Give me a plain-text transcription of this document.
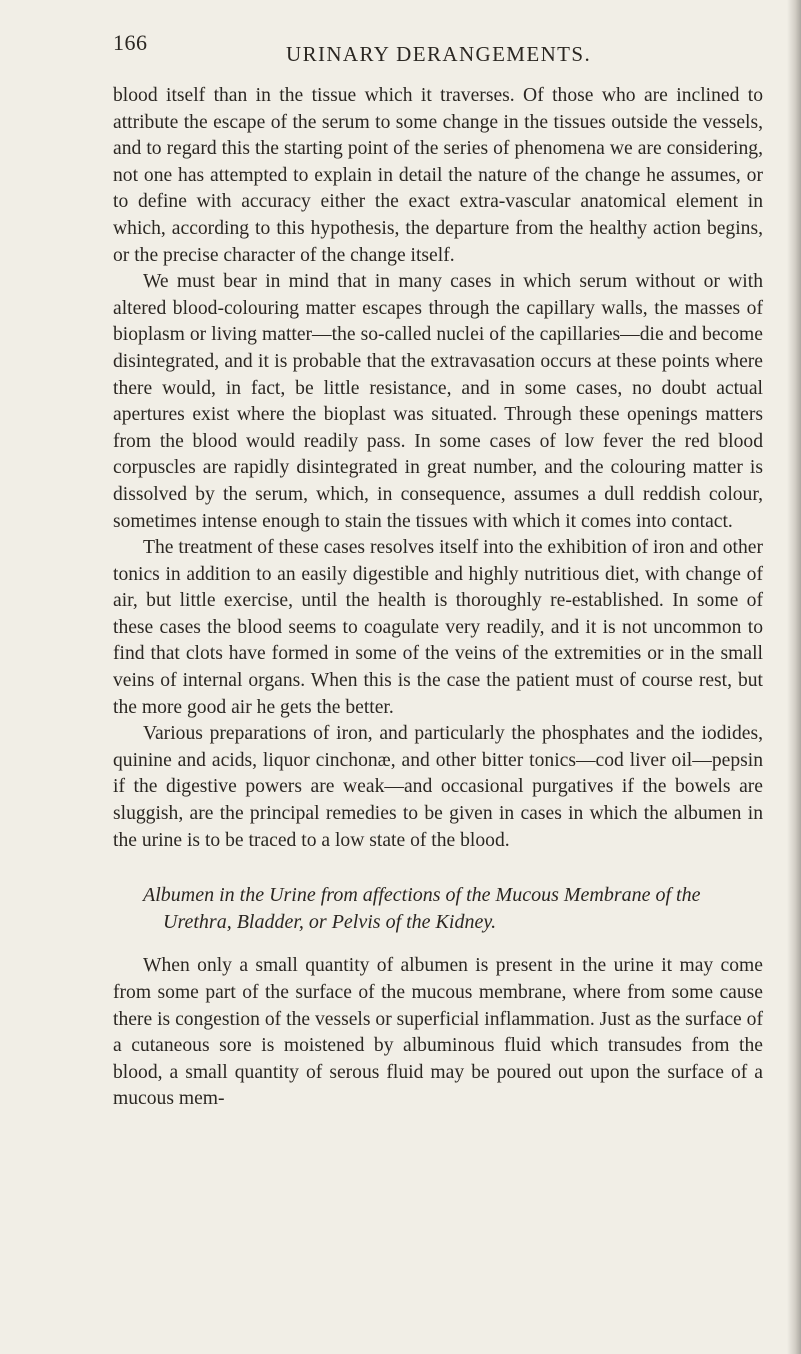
166	URINARY DERANGEMENTS.

blood itself than in the tissue which it traverses. Of those who are inclined to attribute the escape of the serum to some change in the tissues outside the vessels, and to regard this the starting point of the series of phenomena we are considering, not one has attempted to explain in detail the nature of the change he assumes, or to define with accuracy either the exact extra-vascular anatomical element in which, according to this hypothesis, the departure from the healthy action begins, or the precise character of the change itself.

We must bear in mind that in many cases in which serum without or with altered blood-colouring matter escapes through the capillary walls, the masses of bioplasm or living matter—the so-called nuclei of the capillaries—die and become disintegrated, and it is probable that the extravasation occurs at these points where there would, in fact, be little resistance, and in some cases, no doubt actual apertures exist where the bioplast was situated. Through these openings matters from the blood would readily pass. In some cases of low fever the red blood corpuscles are rapidly disintegrated in great number, and the colouring matter is dissolved by the serum, which, in consequence, assumes a dull reddish colour, sometimes intense enough to stain the tissues with which it comes into contact.

The treatment of these cases resolves itself into the exhibition of iron and other tonics in addition to an easily digestible and highly nutritious diet, with change of air, but little exercise, until the health is thoroughly re-established. In some of these cases the blood seems to coagulate very readily, and it is not uncommon to find that clots have formed in some of the veins of the extremities or in the small veins of internal organs. When this is the case the patient must of course rest, but the more good air he gets the better.

Various preparations of iron, and particularly the phosphates and the iodides, quinine and acids, liquor cinchonæ, and other bitter tonics—cod liver oil—pepsin if the digestive powers are weak—and occasional purgatives if the bowels are sluggish, are the principal remedies to be given in cases in which the albumen in the urine is to be traced to a low state of the blood.

Albumen in the Urine from affections of the Mucous Membrane of the Urethra, Bladder, or Pelvis of the Kidney.

When only a small quantity of albumen is present in the urine it may come from some part of the surface of the mucous membrane, where from some cause there is congestion of the vessels or superficial inflammation. Just as the surface of a cutaneous sore is moistened by albuminous fluid which transudes from the blood, a small quantity of serous fluid may be poured out upon the surface of a mucous mem-
